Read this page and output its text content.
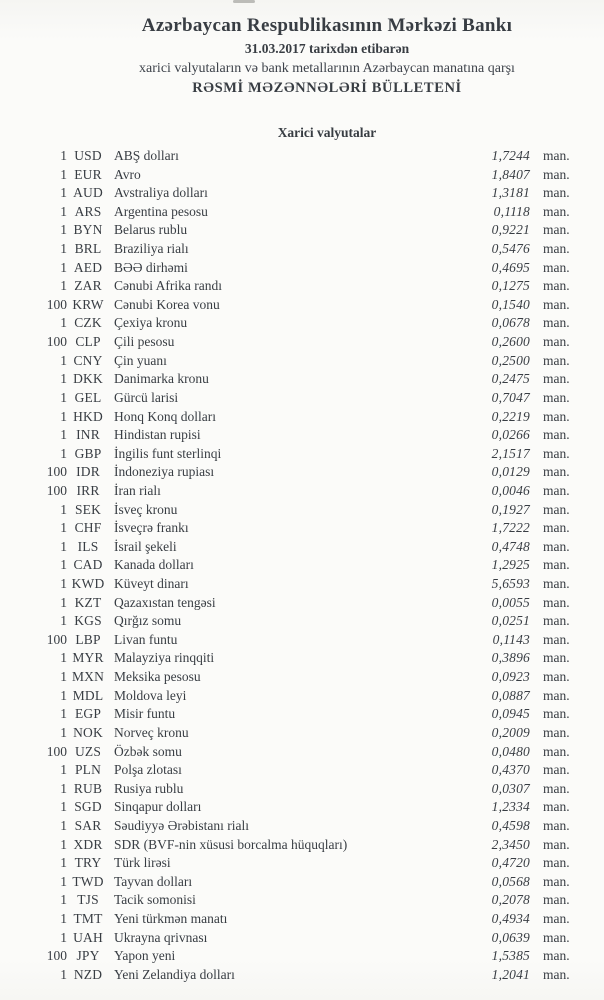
Azərbaycan Respublikasının Mərkəzi Bankı
31.03.2017 tarixdən etibarən
xarici valyutaların və bank metallarının Azərbaycan manatına qarşı
RƏSMİ MƏZƏNNƏLƏRİ BÜLLETENİ
Xarici valyutalar
1 USD ABŞ dolları	1,7244 man.
1 EUR Avro	1,8407 man.
1 AUD Avstraliya dolları	1,3181 man.
1 ARS Argentina pesosu	0,1118 man.
1 BYN Belarus rublu	0,9221 man.
1 BRL Braziliya rialı	0,5476 man.
1 AED BƏƏ dirhəmi	0,4695 man.
1 ZAR Cənubi Afrika randı	0,1275 man.
100 KRW Cənubi Korea vonu	0,1540 man.
1 CZK Çexiya kronu	0,0678 man.
100 CLP Çili pesosu	0,2600 man.
1 CNY Çin yuanı	0,2500 man.
1 DKK Danimarka kronu	0,2475 man.
1 GEL Gürcü larisi	0,7047 man.
1 HKD Honq Konq dolları	0,2219 man.
1 INR	Hindistan rupisi	0,0266 man.
1 GBP İngilis funt sterlinqi	2,1517 man.
100 IDR	İndoneziya rupiası	0,0129 man.
100 IRR	İran rialı	0,0046 man.
1 SEK İsveç kronu	0,1927 man.
1 CHF İsveçrə frankı	1,7222 man.
1 ILS	İsrail şekeli	0,4748 man.
1 CAD Kanada dolları	1,2925 man.
1 KWD Küveyt dinarı	5,6593 man.
1 KZT Qazaxıstan tengəsi	0,0055 man.
1 KGS Qırğız somu	0,0251 man.
100 LBP Livan funtu	0,1143 man.
1 MYR Malayziya rinqqiti	0,3896 man.
1 MXN Meksika pesosu	0,0923 man.
1 MDL Moldova leyi	0,0887 man.
1 EGP Misir funtu	0,0945 man.
1 NOK Norveç kronu	0,2009 man.
100 UZS Özbək somu	0,0480 man.
1 PLN Polşa zlotası	0,4370 man.
1 RUB Rusiya rublu	0,0307 man.
1 SGD Sinqapur dolları	1,2334 man.
1 SAR Səudiyyə Ərəbistanı rialı	0,4598 man.
1 XDR SDR (BVF-nin xüsusi borcalma hüquqları)	2,3450 man.
1 TRY Türk lirəsi	0,4720 man.
1 TWD Tayvan dolları	0,0568 man.
1 TJS	Tacik somonisi	0,2078 man.
1 TMT Yeni türkmən manatı	0,4934 man.
1 UAH Ukrayna qrivnası	0,0639 man.
100 JPY	Yapon yeni	1,5385 man.
1 NZD Yeni Zelandiya dolları	1,2041 man.
